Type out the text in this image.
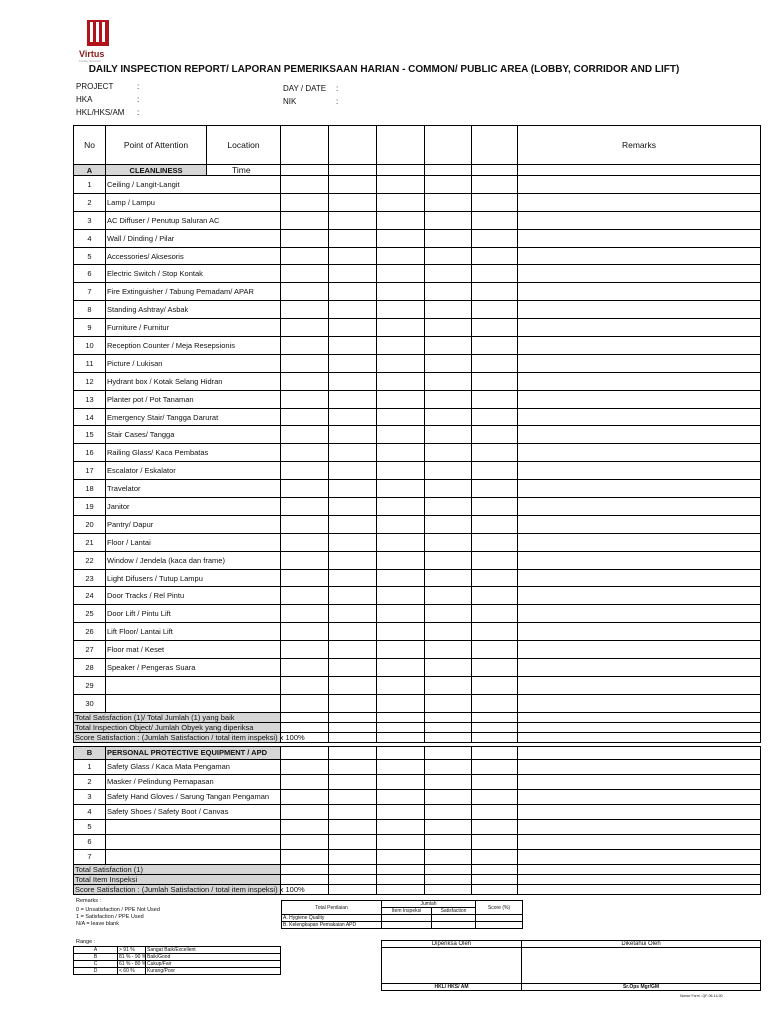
Virtus
Facility Services
DAILY INSPECTION REPORT/ LAPORAN PEMERIKSAAN HARIAN - COMMON/ PUBLIC AREA (LOBBY, CORRIDOR AND LIFT)
PROJECT	:
HKA	:
HKL/HKS/AM :
DAY / DATE :
NIK	:
No	Point of Attention	Location						Remarks
A	CLEANLINESS	Time						
1	Ceiling / Langit-Langit							
2	Lamp / Lampu							
3	AC Diffuser / Penutup Saluran AC							
4	Wall / Dinding / Pilar							
5	Accessories/ Aksesoris							
6	Electric Switch / Stop Kontak							
7	Fire Extinguisher / Tabung Pemadam/ APAR							
8	Standing Ashtray/ Asbak							
9	Furniture / Furnitur							
10	Reception Counter / Meja Resepsionis							
11	Picture / Lukisan							
12	Hydrant box / Kotak Selang Hidran							
13	Planter pot / Pot Tanaman							
14	Emergency Stair/ Tangga Darurat							
15	Stair Cases/ Tangga							
16	Railing Glass/ Kaca Pembatas							
17	Escalator / Eskalator							
18	Travelator							
19	Janitor							
20	Pantry/ Dapur							
21	Floor / Lantai							
22	Window / Jendela (kaca dan frame)							
23	Light Difusers / Tutup Lampu							
24	Door Tracks / Rel Pintu							
25	Door Lift / Pintu Lift							
26	Lift Floor/ Lantai Lift							
27	Floor mat / Keset							
28	Speaker / Pengeras Suara							
29								
30								
Total Satisfaction (1)/ Total Jumlah (1) yang baik								
Total Inspection Object/ Jumlah Obyek yang diperiksa								
Score Satisfaction : (Jumlah Satisfaction / total item inspeksi) x 100%								

B	PERSONAL PROTECTIVE EQUIPMENT / APD							
1	Safety Glass / Kaca Mata Pengaman							
2	Masker / Pelindung Pernapasan							
3	Safety Hand Gloves / Sarung Tangan Pengaman							
4	Safety Shoes / Safety Boot / Canvas							
5								
6								
7								
Total Satisfaction (1)								
Total Item Inspeksi								
Score Satisfaction : (Jumlah Satisfaction / total item inspeksi) x 100%								
Remarks :
0 = Unsatisfaction / PPE Not Used
1 = Satisfaction / PPE Used
N/A = leave blank
Total Penilaian	Jumlah		Score (%)
	Item Inspeksi	Satisfaction	
A. Hygiene Quality			
B. Kelengkapan Pemakaian APD			
Range :
A	> 91 %	Sangat Baik/Excellent
B	81 % - 90 %	Baik/Good
C	61 % - 80 %	Cukup/Fair
D	< 60 %	Kurang/Poor
Diperiksa Oleh	Diketahui Oleh

HKL/ HKS/ AM	Sr.Ops Mgr/GM
Nomor Form : QF-06-14-00
